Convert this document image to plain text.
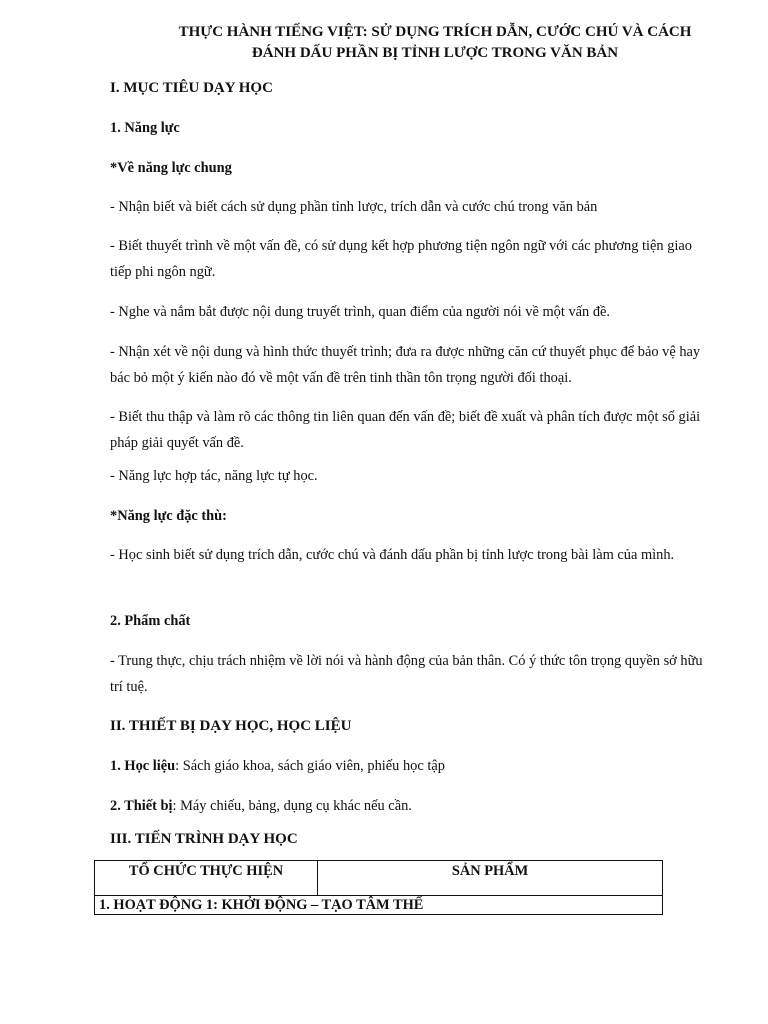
THỰC HÀNH TIẾNG VIỆT: SỬ DỤNG TRÍCH DẪN, CƯỚC CHÚ VÀ CÁCH
ĐÁNH DẤU PHẦN BỊ TỈNH LƯỢC TRONG VĂN BẢN
I. MỤC TIÊU DẠY HỌC
1. Năng lực
*Về năng lực chung
- Nhận biết và biết cách sử dụng phần tỉnh lược, trích dẫn và cước chú trong văn bản
- Biết thuyết trình về một vấn đề, có sử dụng kết hợp phương tiện ngôn ngữ với các phương tiện giao tiếp phi ngôn ngữ.
- Nghe và nắm bắt được nội dung truyết trình, quan điểm của người nói về một vấn đề.
- Nhận xét về nội dung và hình thức thuyết trình; đưa ra được những căn cứ thuyết phục để bảo vệ hay bác bỏ một ý kiến nào đó về một vấn đề trên tinh thần tôn trọng người đối thoại.
- Biết thu thập và làm rõ các thông tin liên quan đến vấn đề; biết đề xuất và phân tích được một số giải pháp giải quyết vấn đề.
- Năng lực hợp tác, năng lực tự học.
*Năng lực đặc thù:
- Học sinh biết sử dụng trích dẫn, cước chú và đánh dấu phần bị tỉnh lược trong bài làm của mình.
2. Phẩm chất
- Trung thực, chịu trách nhiệm về lời nói và hành động của bản thân. Có ý thức tôn trọng quyền sở hữu trí tuệ.
II. THIẾT BỊ DẠY HỌC, HỌC LIỆU
1. Học liệu: Sách giáo khoa, sách giáo viên, phiếu học tập
2. Thiết bị: Máy chiếu, bảng, dụng cụ khác nếu cần.
III. TIẾN TRÌNH DẠY HỌC
TỔ CHỨC THỰC HIỆN	SẢN PHẨM
1. HOẠT ĐỘNG 1: KHỞI ĐỘNG – TẠO TÂM THẾ
